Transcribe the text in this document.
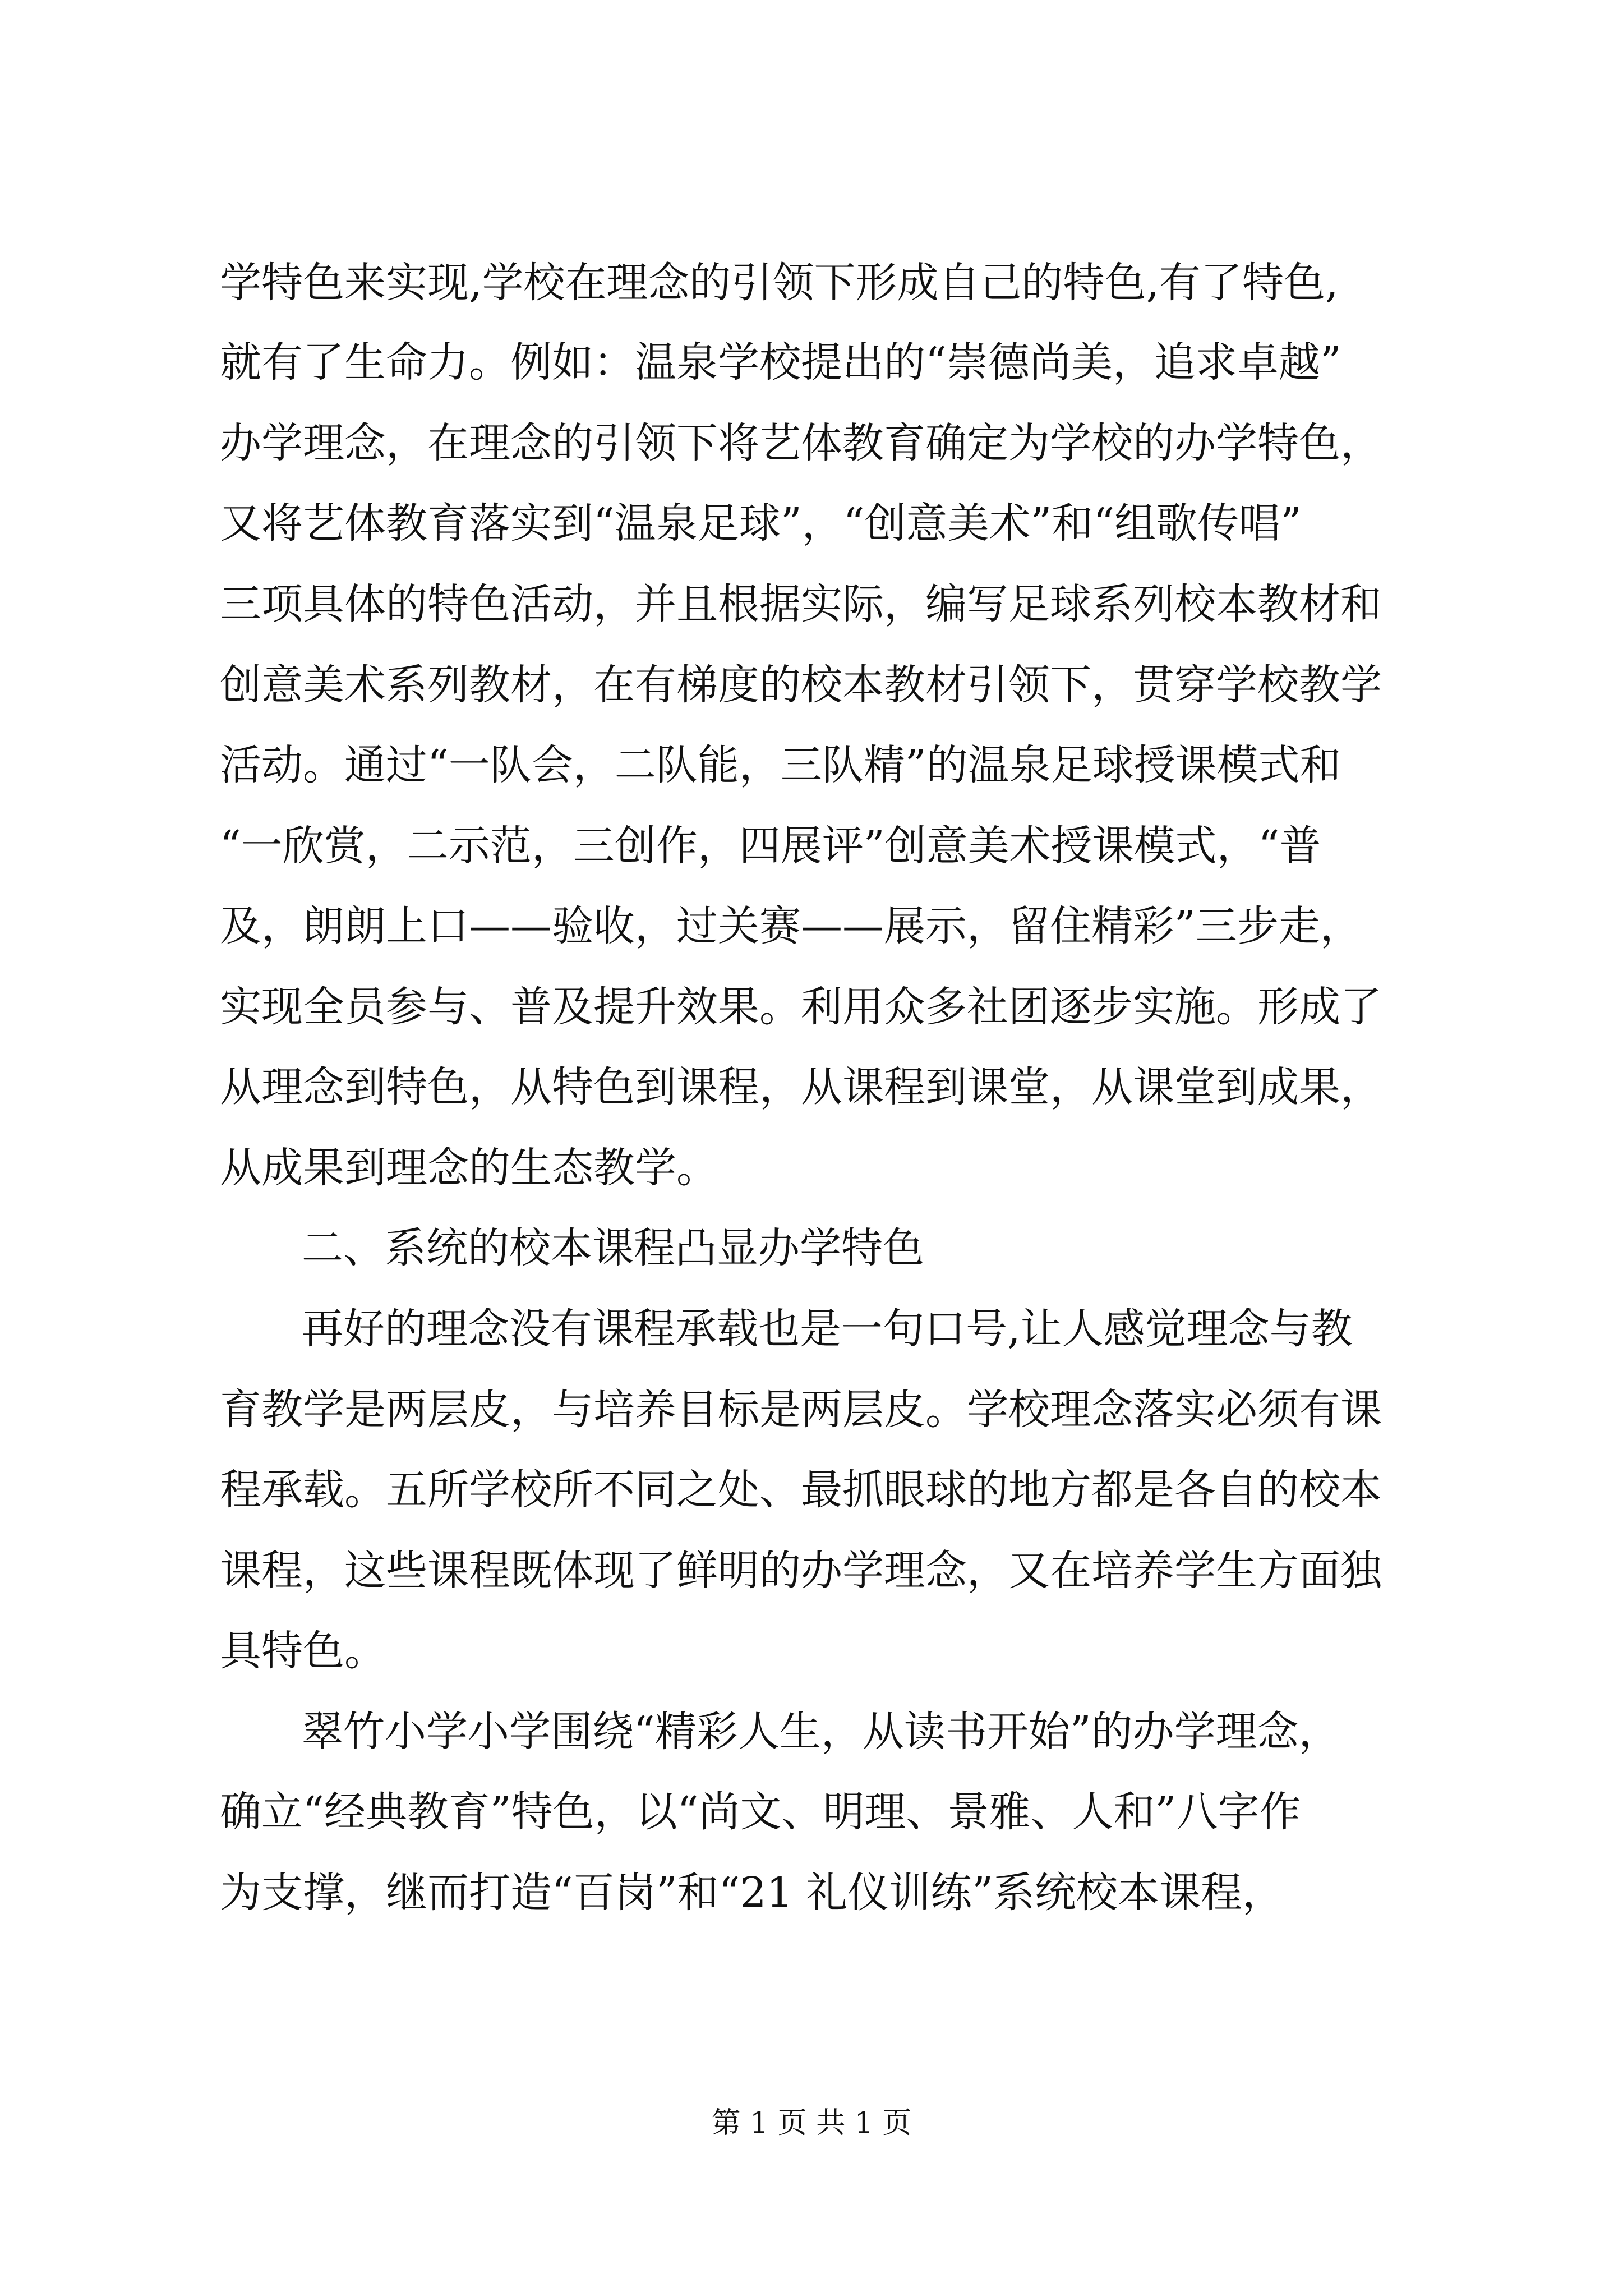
学特色来实现,学校在理念的引领下形成自己的特色,有了特色,
就有了生命力。例如：温泉学校提出的“崇德尚美，追求卓越”
办学理念，在理念的引领下将艺体教育确定为学校的办学特色，
又将艺体教育落实到“温泉足球”，“创意美术”和“组歌传唱”
三项具体的特色活动，并且根据实际，编写足球系列校本教材和
创意美术系列教材，在有梯度的校本教材引领下，贯穿学校教学
活动。通过“一队会，二队能，三队精”的温泉足球授课模式和
“一欣赏，二示范，三创作，四展评”创意美术授课模式，“普
及，朗朗上口——验收，过关赛——展示，留住精彩”三步走，
实现全员参与、普及提升效果。利用众多社团逐步实施。形成了
从理念到特色，从特色到课程，从课程到课堂，从课堂到成果，
从成果到理念的生态教学。
二、系统的校本课程凸显办学特色
再好的理念没有课程承载也是一句口号,让人感觉理念与教
育教学是两层皮，与培养目标是两层皮。学校理念落实必须有课
程承载。五所学校所不同之处、最抓眼球的地方都是各自的校本
课程，这些课程既体现了鲜明的办学理念，又在培养学生方面独
具特色。
翠竹小学小学围绕“精彩人生，从读书开始”的办学理念，
确立“经典教育”特色，以“尚文、明理、景雅、人和”八字作
为支撑，继而打造“百岗”和“21 礼仪训练”系统校本课程，
第 1 页 共 1 页
